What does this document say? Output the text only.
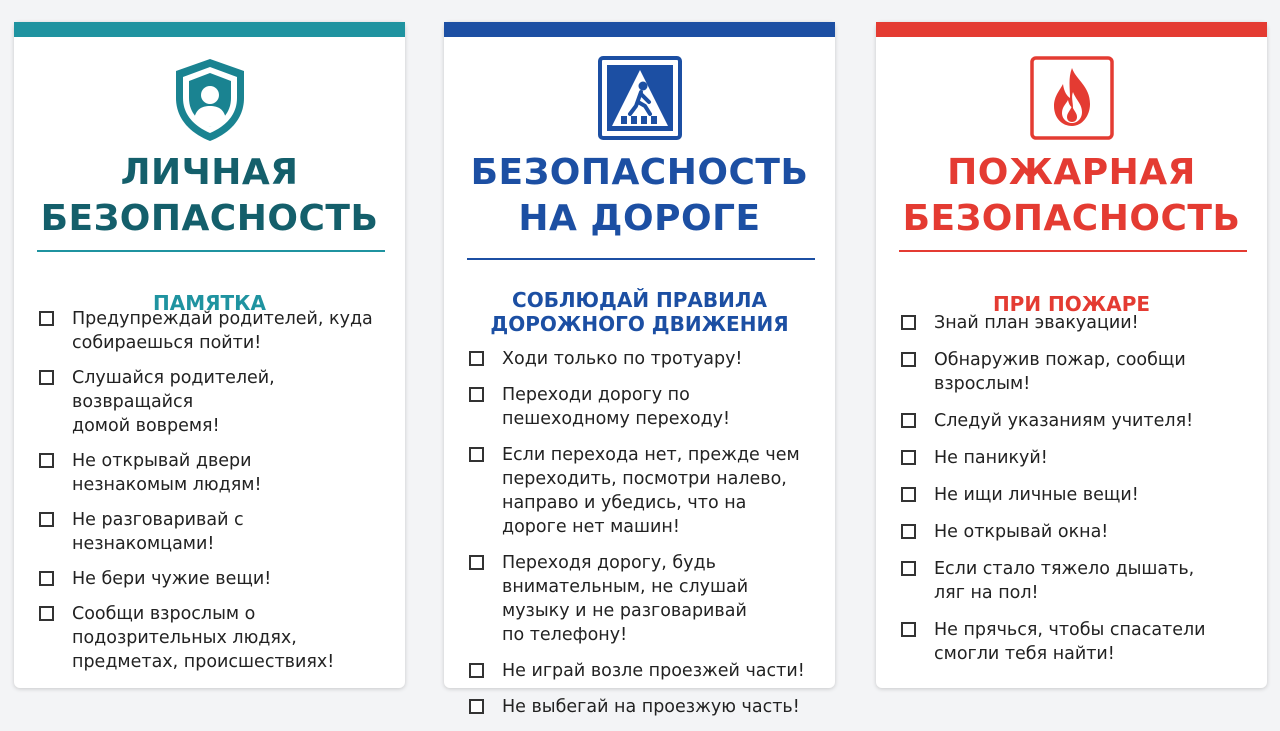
ЛИЧНАЯ
БЕЗОПАСНОСТЬ
ПАМЯТКА
Предупреждай родителей, куда
собираешься пойти!
Слушайся родителей, возвращайся
домой вовремя!
Не открывай двери
незнакомым людям!
Не разговаривай с
незнакомцами!
Не бери чужие вещи!
Сообщи взрослым о
подозрительных людях,
предметах, происшествиях!
БЕЗОПАСНОСТЬ
НА ДОРОГЕ
СОБЛЮДАЙ ПРАВИЛА
ДОРОЖНОГО ДВИЖЕНИЯ
Ходи только по тротуару!
Переходи дорогу по
пешеходному переходу!
Если перехода нет, прежде чем
переходить, посмотри налево,
направо и убедись, что на
дороге нет машин!
Переходя дорогу, будь
внимательным, не слушай
музыку и не разговаривай
по телефону!
Не играй возле проезжей части!
Не выбегай на проезжую часть!
ПОЖАРНАЯ
БЕЗОПАСНОСТЬ
ПРИ ПОЖАРЕ
Знай план эвакуации!
Обнаружив пожар, сообщи
взрослым!
Следуй указаниям учителя!
Не паникуй!
Не ищи личные вещи!
Не открывай окна!
Если стало тяжело дышать,
ляг на пол!
Не прячься, чтобы спасатели
смогли тебя найти!
